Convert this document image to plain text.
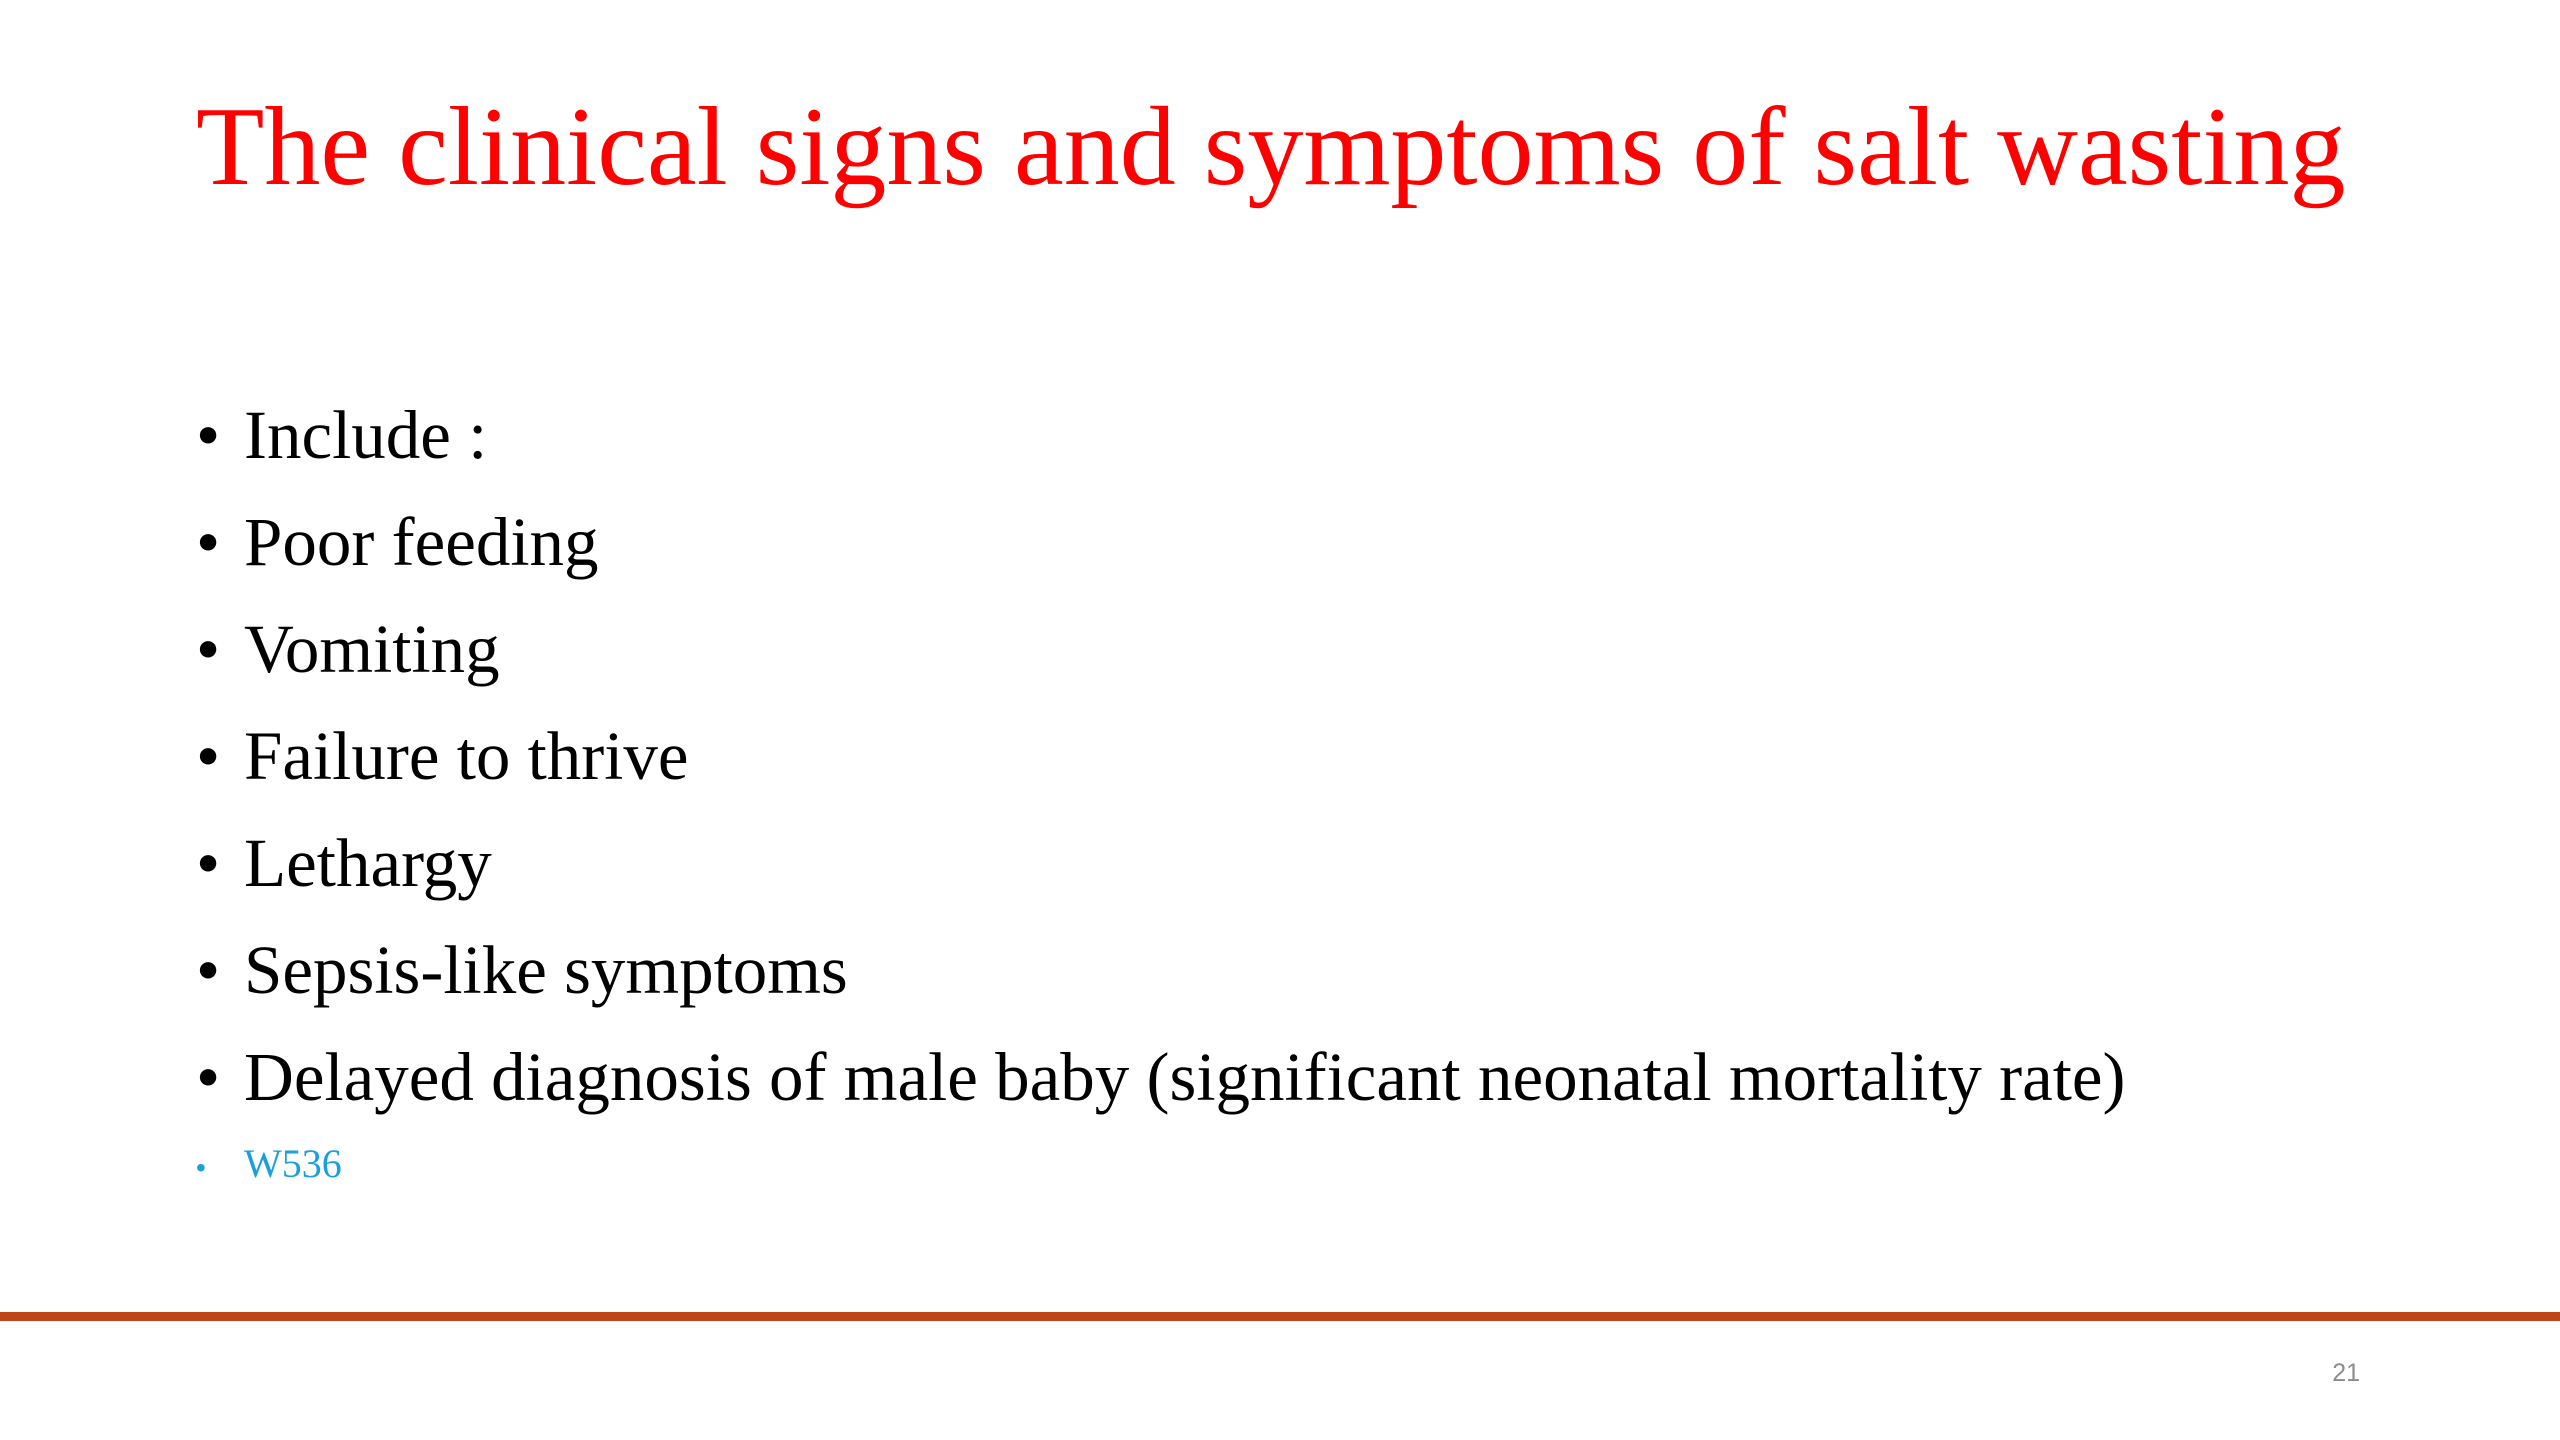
The clinical signs and symptoms of salt wasting
• Include :
• Poor feeding
• Vomiting
• Failure to thrive
• Lethargy
• Sepsis-like symptoms
• Delayed diagnosis of male baby (significant neonatal mortality rate)
• W536
21
